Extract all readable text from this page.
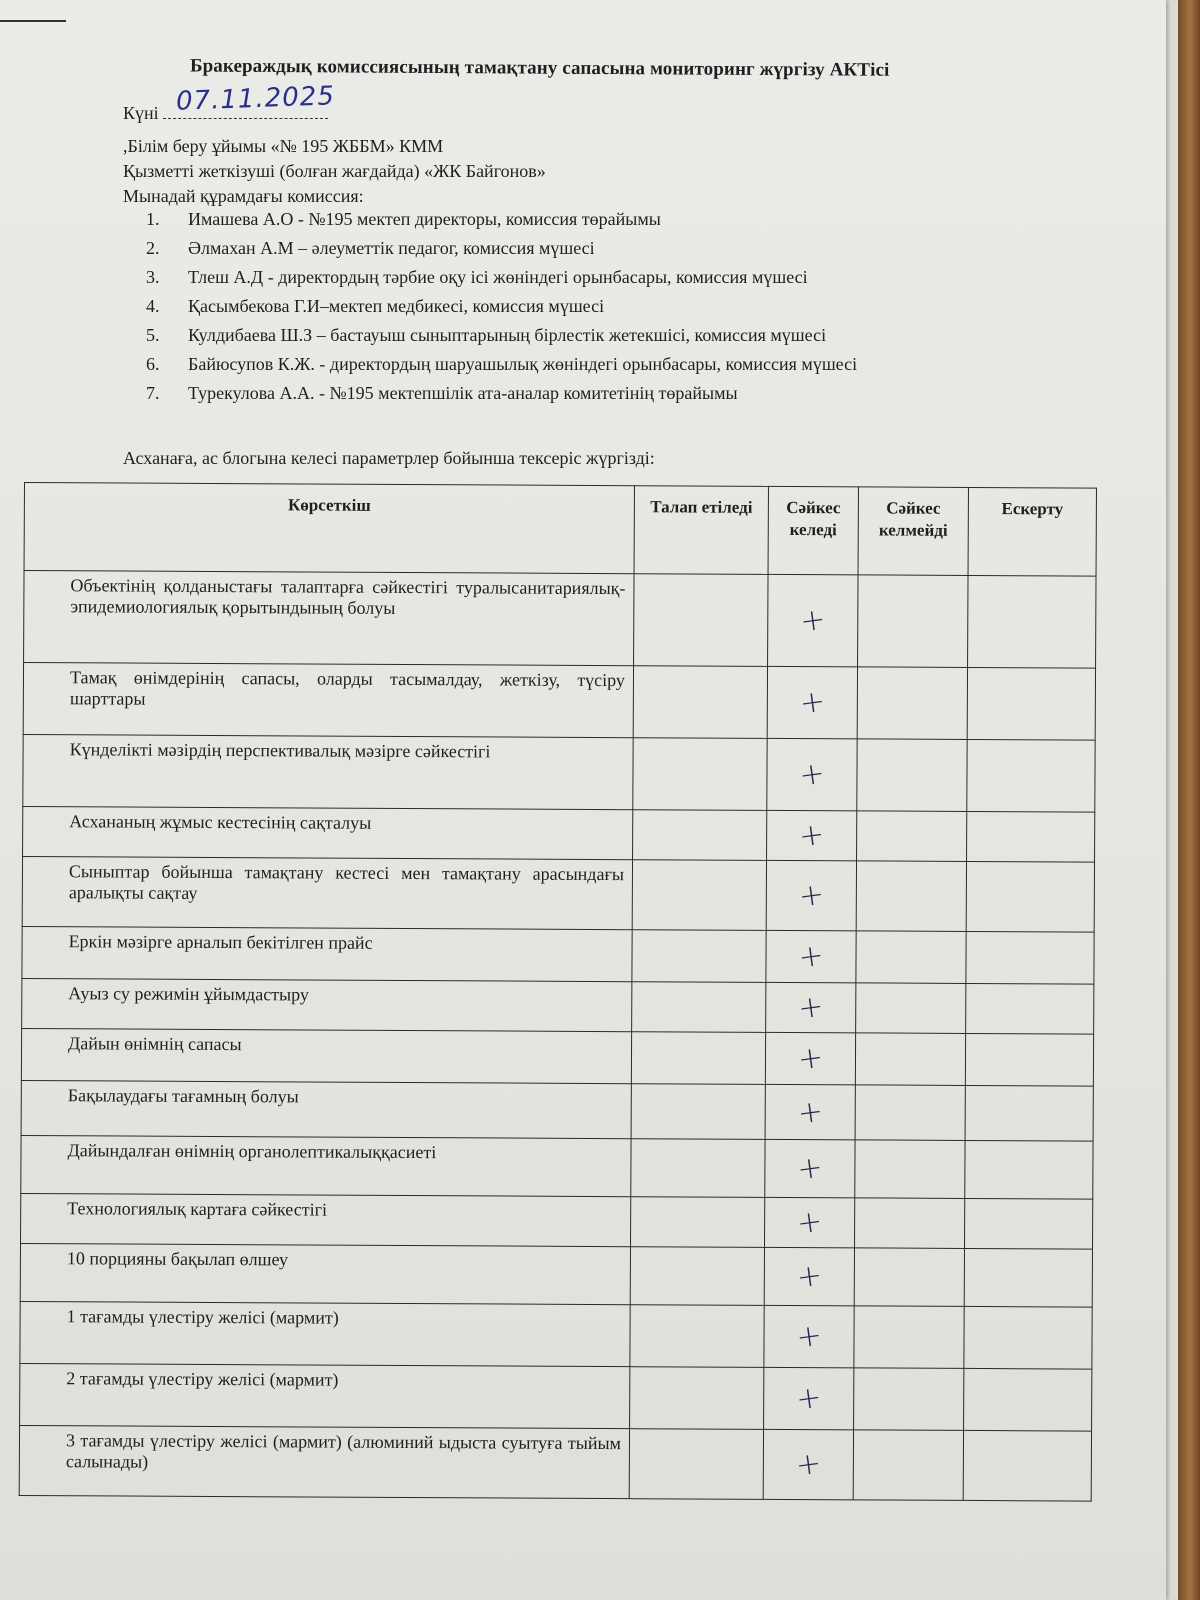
Бракераждық комиссиясының тамақтану сапасына мониторинг жүргізу АКТісі
Күні 07.11.2025
,Білім беру ұйымы «№ 195 ЖББМ» КММ
Қызметті жеткізуші (болған жағдайда) «ЖК Байгонов»
Мынадай құрамдағы комиссия:
1. Имашева А.О - №195 мектеп директоры, комиссия төрайымы
2. Әлмахан А.М – әлеуметтік педагог, комиссия мүшесі
3. Тлеш А.Д - директордың тәрбие оқу ісі жөніндегі орынбасары, комиссия мүшесі
4. Қасымбекова Г.И–мектеп медбикесі, комиссия мүшесі
5. Кулдибаева Ш.З – бастауыш сыныптарының бірлестік жетекшісі, комиссия мүшесі
6. Байюсупов К.Ж. - директордың шаруашылық жөніндегі орынбасары, комиссия мүшесі
7. Турекулова А.А. - №195 мектепшілік ата-аналар комитетінің төрайымы
Асханаға, ас блогына келесі параметрлер бойынша тексеріс жүргізді:
Көрсеткіш	Талап етіледі	Сәйкес келеді	Сәйкес келмейді	Ескерту
Объектінің қолданыстағы талаптарға сәйкестігі туралысанитариялық-эпидемиологиялық қорытындының болуы		+		
Тамақ өнімдерінің сапасы, оларды тасымалдау, жеткізу, түсіру шарттары		+		
Күнделікті мәзірдің перспективалық мәзірге сәйкестігі		+		
Асхананың жұмыс кестесінің сақталуы		+		
Сыныптар бойынша тамақтану кестесі мен тамақтану арасындағы аралықты сақтау		+		
Еркін мәзірге арналып бекітілген прайс		+		
Ауыз су режимін ұйымдастыру		+		
Дайын өнімнің сапасы		+		
Бақылаудағы тағамның болуы		+		
Дайындалған өнімнің органолептикалыққасиеті		+		
Технологиялық картаға сәйкестігі		+		
10 порцияны бақылап өлшеу		+		
1 тағамды үлестіру желісі (мармит)		+		
2 тағамды үлестіру желісі (мармит)		+		
3 тағамды үлестіру желісі (мармит) (алюминий ыдыста суытуға тыйым салынады)		+		
